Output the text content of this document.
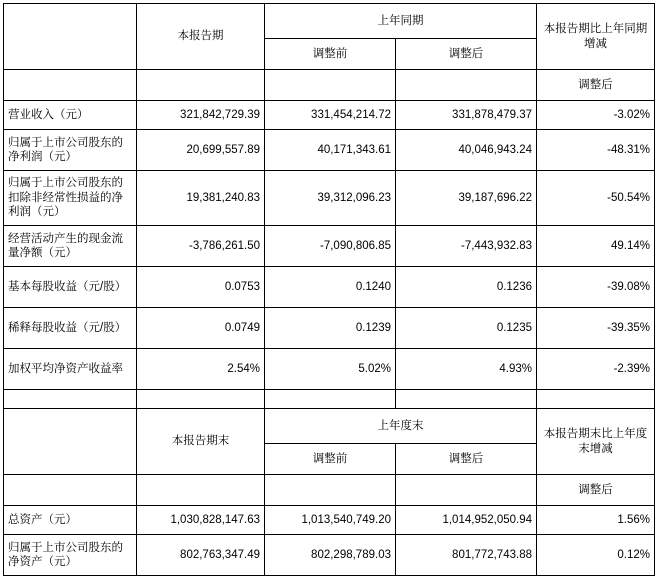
	本报告期	上年同期		本报告期比上年同期增减
		调整前	调整后	
				调整后
营业收入（元）	321,842,729.39	331,454,214.72	331,878,479.37	-3.02%
归属于上市公司股东的净利润（元）	20,699,557.89	40,171,343.61	40,046,943.24	-48.31%
归属于上市公司股东的扣除非经常性损益的净利润（元）	19,381,240.83	39,312,096.23	39,187,696.22	-50.54%
经营活动产生的现金流量净额（元）	-3,786,261.50	-7,090,806.85	-7,443,932.83	49.14%
基本每股收益（元/股）	0.0753	0.1240	0.1236	-39.08%
稀释每股收益（元/股）	0.0749	0.1239	0.1235	-39.35%
加权平均净资产收益率	2.54%	5.02%	4.93%	-2.39%

	本报告期末	上年度末		本报告期末比上年度末增减
		调整前	调整后	
				调整后
总资产（元）	1,030,828,147.63	1,013,540,749.20	1,014,952,050.94	1.56%
归属于上市公司股东的净资产（元）	802,763,347.49	802,298,789.03	801,772,743.88	0.12%
